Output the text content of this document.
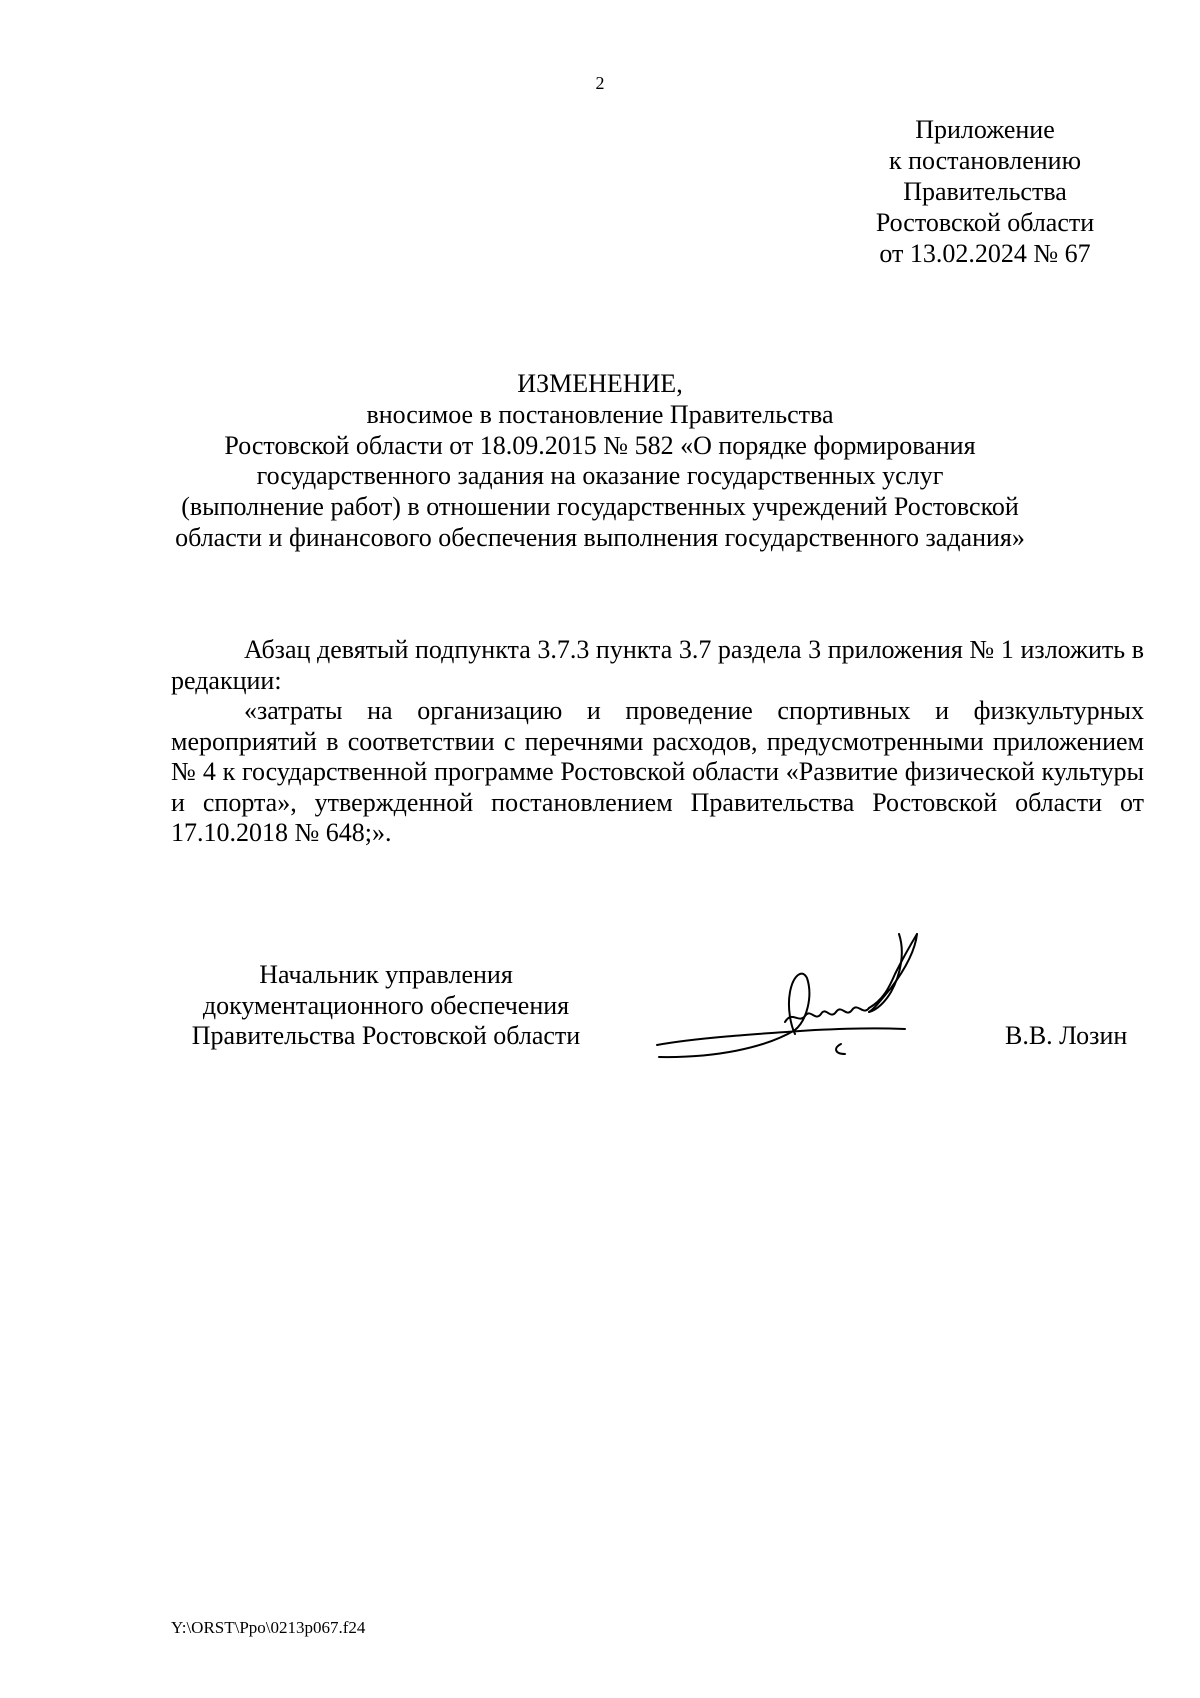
2
Приложение
к постановлению
Правительства
Ростовской области
от 13.02.2024 № 67
ИЗМЕНЕНИЕ,
вносимое в постановление Правительства
Ростовской области от 18.09.2015 № 582 «О порядке формирования
государственного задания на оказание государственных услуг
(выполнение работ) в отношении государственных учреждений Ростовской
области и финансового обеспечения выполнения государственного задания»

Абзац девятый подпункта 3.7.3 пункта 3.7 раздела 3 приложения № 1 изложить в редакции:

«затраты на организацию и проведение спортивных и физкультурных мероприятий в соответствии с перечнями расходов, предусмотренными приложением № 4 к государственной программе Ростовской области «Развитие физической культуры и спорта», утвержденной постановлением Правительства Ростовской области от 17.10.2018 № 648;».

Начальник управления
документационного обеспечения
Правительства Ростовской области	В.В. Лозин
Y:\ORST\Ppo\0213p067.f24
